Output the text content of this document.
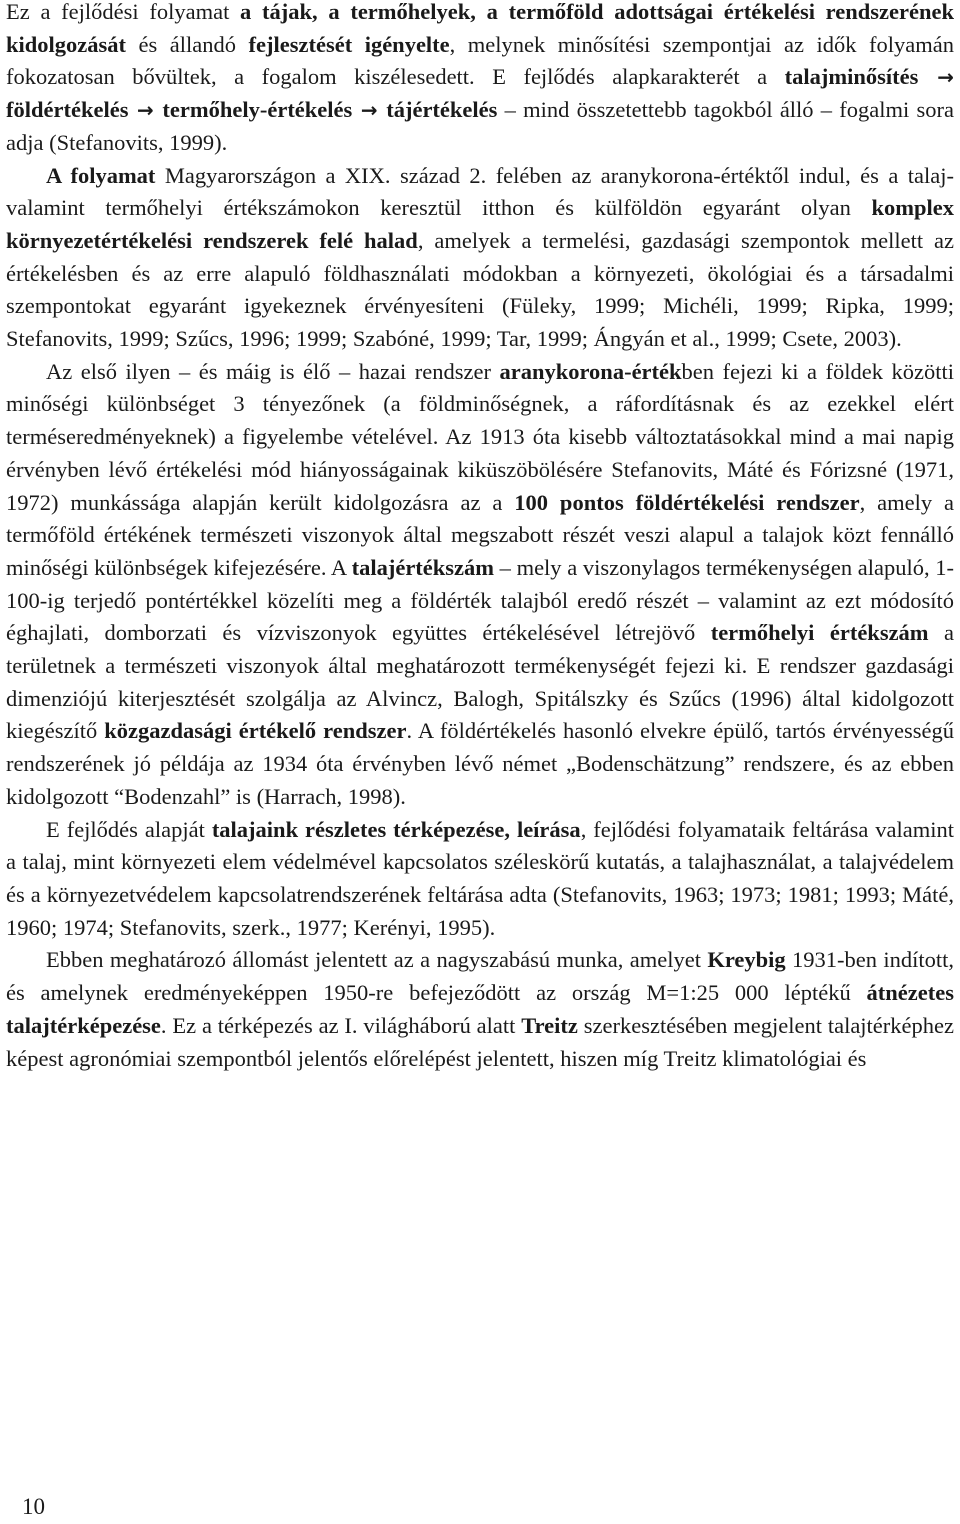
Ez a fejlődési folyamat a tájak, a termőhelyek, a termőföld adottságai értékelési rendszerének kidolgozását és állandó fejlesztését igényelte, melynek minősítési szempontjai az idők folyamán fokozatosan bővültek, a fogalom kiszélesedett. E fejlődés alapkarakterét a talajminősítés → földértékelés → termőhely-értékelés → tájértékelés – mind összetettebb tagokból álló – fogalmi sora adja (Stefanovits, 1999).

A folyamat Magyarországon a XIX. század 2. felében az aranykorona-értéktől indul, és a talaj- valamint termőhelyi értékszámokon keresztül itthon és külföldön egyaránt olyan komplex környezetértékelési rendszerek felé halad, amelyek a termelési, gazdasági szempontok mellett az értékelésben és az erre alapuló földhasználati módokban a környezeti, ökológiai és a társadalmi szempontokat egyaránt igyekeznek érvényesíteni (Füleky, 1999; Michéli, 1999; Ripka, 1999; Stefanovits, 1999; Szűcs, 1996; 1999; Szabóné, 1999; Tar, 1999; Ángyán et al., 1999; Csete, 2003).

Az első ilyen – és máig is élő – hazai rendszer aranykorona-értékben fejezi ki a földek közötti minőségi különbséget 3 tényezőnek (a földminőségnek, a ráfordításnak és az ezekkel elért terméseredményeknek) a figyelembe vételével. Az 1913 óta kisebb változtatásokkal mind a mai napig érvényben lévő értékelési mód hiányosságainak kiküszöbölésére Stefanovits, Máté és Fórizsné (1971, 1972) munkássága alapján került kidolgozásra az a 100 pontos földértékelési rendszer, amely a termőföld értékének természeti viszonyok által megszabott részét veszi alapul a talajok közt fennálló minőségi különbségek kifejezésére. A talajértékszám – mely a viszonylagos termékenységen alapuló, 1-100-ig terjedő pontértékkel közelíti meg a földérték talajból eredő részét – valamint az ezt módosító éghajlati, domborzati és vízviszonyok együttes értékelésével létrejövő termőhelyi értékszám a területnek a természeti viszonyok által meghatározott termékenységét fejezi ki. E rendszer gazdasági dimenziójú kiterjesztését szolgálja az Alvincz, Balogh, Spitálszky és Szűcs (1996) által kidolgozott kiegészítő közgazdasági értékelő rendszer. A földértékelés hasonló elvekre épülő, tartós érvényességű rendszerének jó példája az 1934 óta érvényben lévő német „Bodenschätzung” rendszere, és az ebben kidolgozott “Bodenzahl” is (Harrach, 1998).

E fejlődés alapját talajaink részletes térképezése, leírása, fejlődési folyamataik feltárása valamint a talaj, mint környezeti elem védelmével kapcsolatos széleskörű kutatás, a talajhasználat, a talajvédelem és a környezetvédelem kapcsolatrendszerének feltárása adta (Stefanovits, 1963; 1973; 1981; 1993; Máté, 1960; 1974; Stefanovits, szerk., 1977; Kerényi, 1995).

Ebben meghatározó állomást jelentett az a nagyszabású munka, amelyet Kreybig 1931-ben indított, és amelynek eredményeképpen 1950-re befejeződött az ország M=1:25 000 léptékű átnézetes talajtérképezése. Ez a térképezés az I. világháború alatt Treitz szerkesztésében megjelent talajtérképhez képest agronómiai szempontból jelentős előrelépést jelentett, hiszen míg Treitz klimatológiai és

10
